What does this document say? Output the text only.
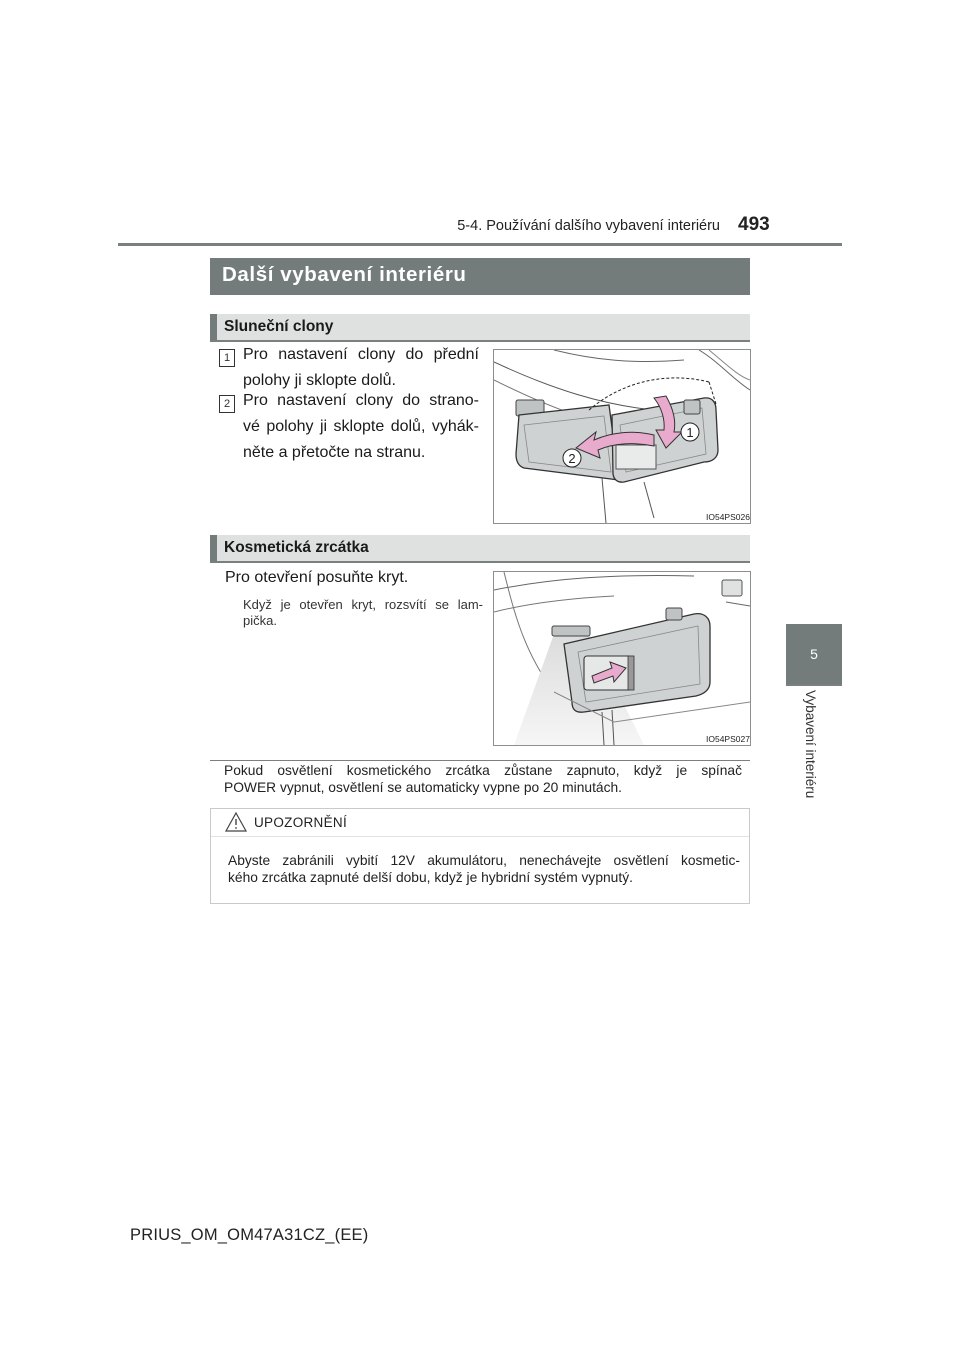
5-4. Používání dalšího vybavení interiéru 493
5
Vybavení interiéru
Další vybavení interiéru
Sluneční clony
1 Pro nastavení clony do přední
polohy ji sklopte dolů.
2 Pro nastavení clony do strano-
vé polohy ji sklopte dolů, vyhák-
něte a přetočte na stranu.
1
2
IO54PS026
Kosmetická zrcátka
Pro otevření posuňte kryt.
Když je otevřen kryt, rozsvítí se lam-
pička.
IO54PS027
Pokud osvětlení kosmetického zrcátka zůstane zapnuto, když je spínač
POWER vypnut, osvětlení se automaticky vypne po 20 minutách.
UPOZORNĚNÍ
Abyste zabránili vybití 12V akumulátoru, nenechávejte osvětlení kosmetic-
kého zrcátka zapnuté delší dobu, když je hybridní systém vypnutý.
PRIUS_OM_OM47A31CZ_(EE)
